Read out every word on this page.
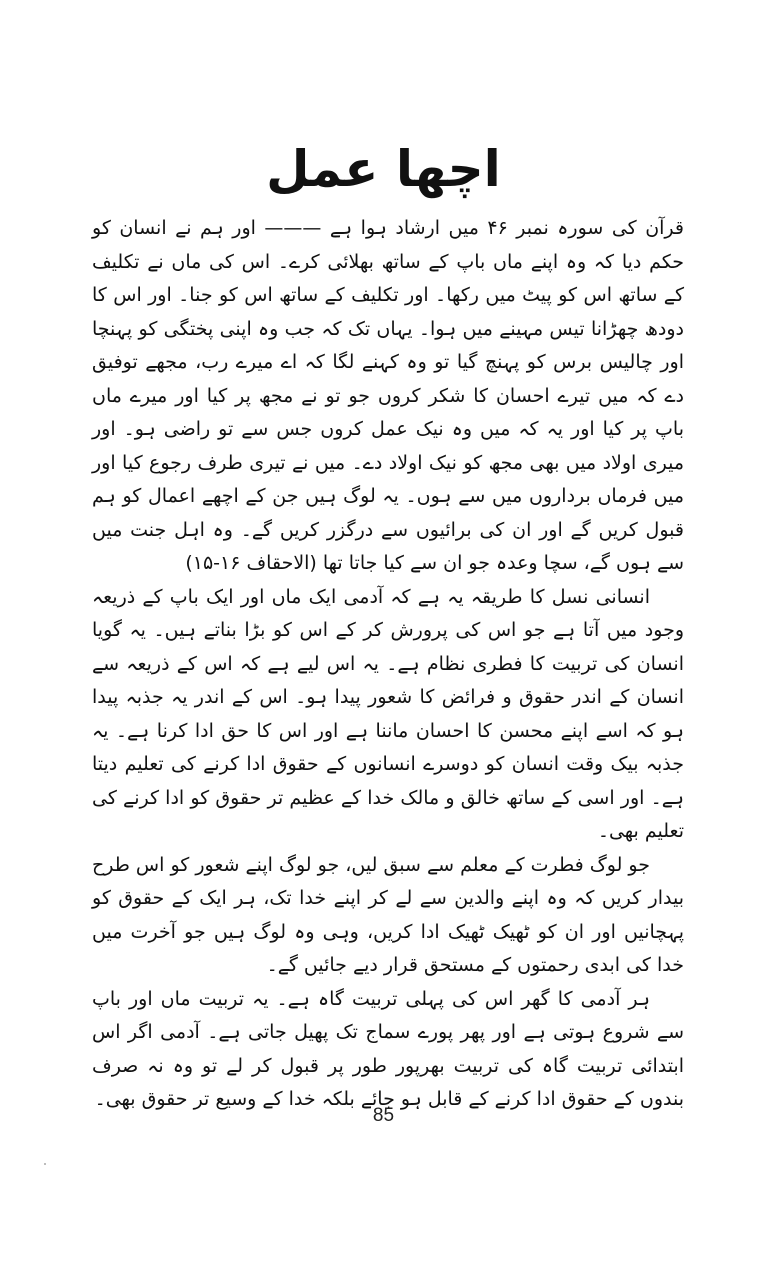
اچھا عمل

قرآن کی سورہ نمبر ۴۶ میں ارشاد ہوا ہے ——— اور ہم نے انسان کو حکم دیا کہ وہ اپنے ماں باپ کے ساتھ بھلائی کرے۔ اس کی ماں نے تکلیف کے ساتھ اس کو پیٹ میں رکھا۔ اور تکلیف کے ساتھ اس کو جنا۔ اور اس کا دودھ چھڑانا تیس مہینے میں ہوا۔ یہاں تک کہ جب وہ اپنی پختگی کو پہنچا اور چالیس برس کو پہنچ گیا تو وہ کہنے لگا کہ اے میرے رب، مجھے توفیق دے کہ میں تیرے احسان کا شکر کروں جو تو نے مجھ پر کیا اور میرے ماں باپ پر کیا اور یہ کہ میں وہ نیک عمل کروں جس سے تو راضی ہو۔ اور میری اولاد میں بھی مجھ کو نیک اولاد دے۔ میں نے تیری طرف رجوع کیا اور میں فرماں برداروں میں سے ہوں۔ یہ لوگ ہیں جن کے اچھے اعمال کو ہم قبول کریں گے اور ان کی برائیوں سے درگزر کریں گے۔ وہ اہل جنت میں سے ہوں گے، سچا وعدہ جو ان سے کیا جاتا تھا (الاحقاف ۱۶-۱۵)

انسانی نسل کا طریقہ یہ ہے کہ آدمی ایک ماں اور ایک باپ کے ذریعہ وجود میں آتا ہے جو اس کی پرورش کر کے اس کو بڑا بناتے ہیں۔ یہ گویا انسان کی تربیت کا فطری نظام ہے۔ یہ اس لیے ہے کہ اس کے ذریعہ سے انسان کے اندر حقوق و فرائض کا شعور پیدا ہو۔ اس کے اندر یہ جذبہ پیدا ہو کہ اسے اپنے محسن کا احسان ماننا ہے اور اس کا حق ادا کرنا ہے۔ یہ جذبہ بیک وقت انسان کو دوسرے انسانوں کے حقوق ادا کرنے کی تعلیم دیتا ہے۔ اور اسی کے ساتھ خالق و مالک خدا کے عظیم تر حقوق کو ادا کرنے کی تعلیم بھی۔

جو لوگ فطرت کے معلم سے سبق لیں، جو لوگ اپنے شعور کو اس طرح بیدار کریں کہ وہ اپنے والدین سے لے کر اپنے خدا تک، ہر ایک کے حقوق کو پہچانیں اور ان کو ٹھیک ٹھیک ادا کریں، وہی وہ لوگ ہیں جو آخرت میں خدا کی ابدی رحمتوں کے مستحق قرار دیے جائیں گے۔

ہر آدمی کا گھر اس کی پہلی تربیت گاہ ہے۔ یہ تربیت ماں اور باپ سے شروع ہوتی ہے اور پھر پورے سماج تک پھیل جاتی ہے۔ آدمی اگر اس ابتدائی تربیت گاہ کی تربیت بھرپور طور پر قبول کر لے تو وہ نہ صرف بندوں کے حقوق ادا کرنے کے قابل ہو جائے بلکہ خدا کے وسیع تر حقوق بھی۔

85
